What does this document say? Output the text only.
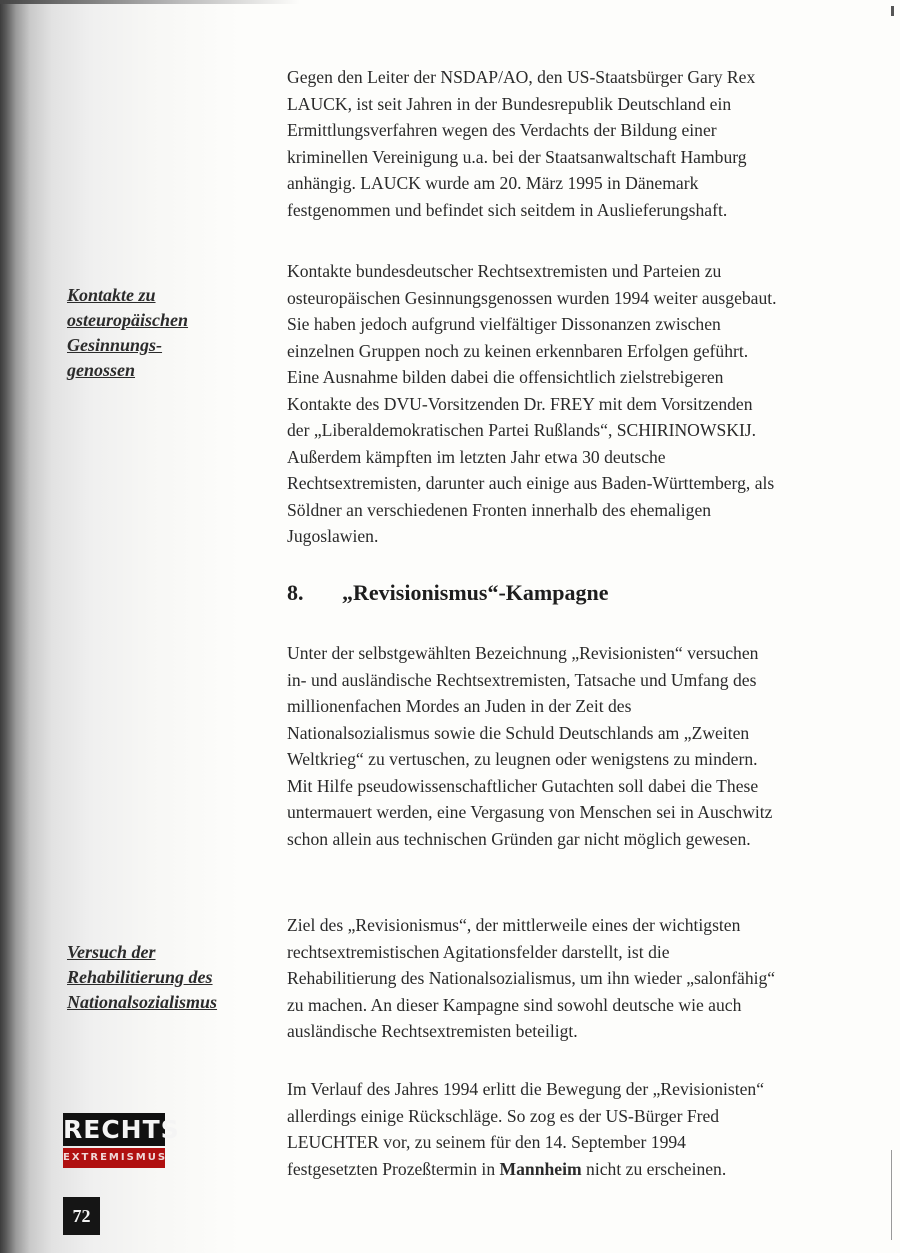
Gegen den Leiter der NSDAP/AO, den US-Staatsbürger Gary Rex LAUCK, ist seit Jahren in der Bundesrepublik Deutschland ein Ermittlungsverfahren wegen des Verdachts der Bildung einer kriminellen Vereinigung u.a. bei der Staatsanwaltschaft Hamburg anhängig. LAUCK wurde am 20. März 1995 in Dänemark festgenommen und befindet sich seitdem in Auslieferungshaft.

Kontakte bundesdeutscher Rechtsextremisten und Parteien zu osteuropäischen Gesinnungsgenossen wurden 1994 weiter ausgebaut. Sie haben jedoch aufgrund vielfältiger Dissonanzen zwischen einzelnen Gruppen noch zu keinen erkennbaren Erfolgen geführt. Eine Ausnahme bilden dabei die offensichtlich zielstrebigeren Kontakte des DVU-Vorsitzenden Dr. FREY mit dem Vorsitzenden der „Liberaldemokratischen Partei Rußlands“, SCHIRINOWSKIJ. Außerdem kämpften im letzten Jahr etwa 30 deutsche Rechtsextremisten, darunter auch einige aus Baden-Württemberg, als Söldner an verschiedenen Fronten innerhalb des ehemaligen Jugoslawien.

8. „Revisionismus“-Kampagne

Unter der selbstgewählten Bezeichnung „Revisionisten“ versuchen in- und ausländische Rechtsextremisten, Tatsache und Umfang des millionenfachen Mordes an Juden in der Zeit des Nationalsozialismus sowie die Schuld Deutschlands am „Zweiten Weltkrieg“ zu vertuschen, zu leugnen oder wenigstens zu mindern. Mit Hilfe pseudowissenschaftlicher Gutachten soll dabei die These untermauert werden, eine Vergasung von Menschen sei in Auschwitz schon allein aus technischen Gründen gar nicht möglich gewesen.

Ziel des „Revisionismus“, der mittlerweile eines der wichtigsten rechtsextremistischen Agitationsfelder darstellt, ist die Rehabilitierung des Nationalsozialismus, um ihn wieder „salonfähig“ zu machen. An dieser Kampagne sind sowohl deutsche wie auch ausländische Rechtsextremisten beteiligt.

Im Verlauf des Jahres 1994 erlitt die Bewegung der „Revisionisten“ allerdings einige Rückschläge. So zog es der US-Bürger Fred LEUCHTER vor, zu seinem für den 14. September 1994 festgesetzten Prozeßtermin in Mannheim nicht zu erscheinen.

Kontakte zu
osteuropäischen
Gesinnungs-
genossen

Versuch der
Rehabilitierung des
Nationalsozialismus

RECHTS
EXTREMISMUS
72
